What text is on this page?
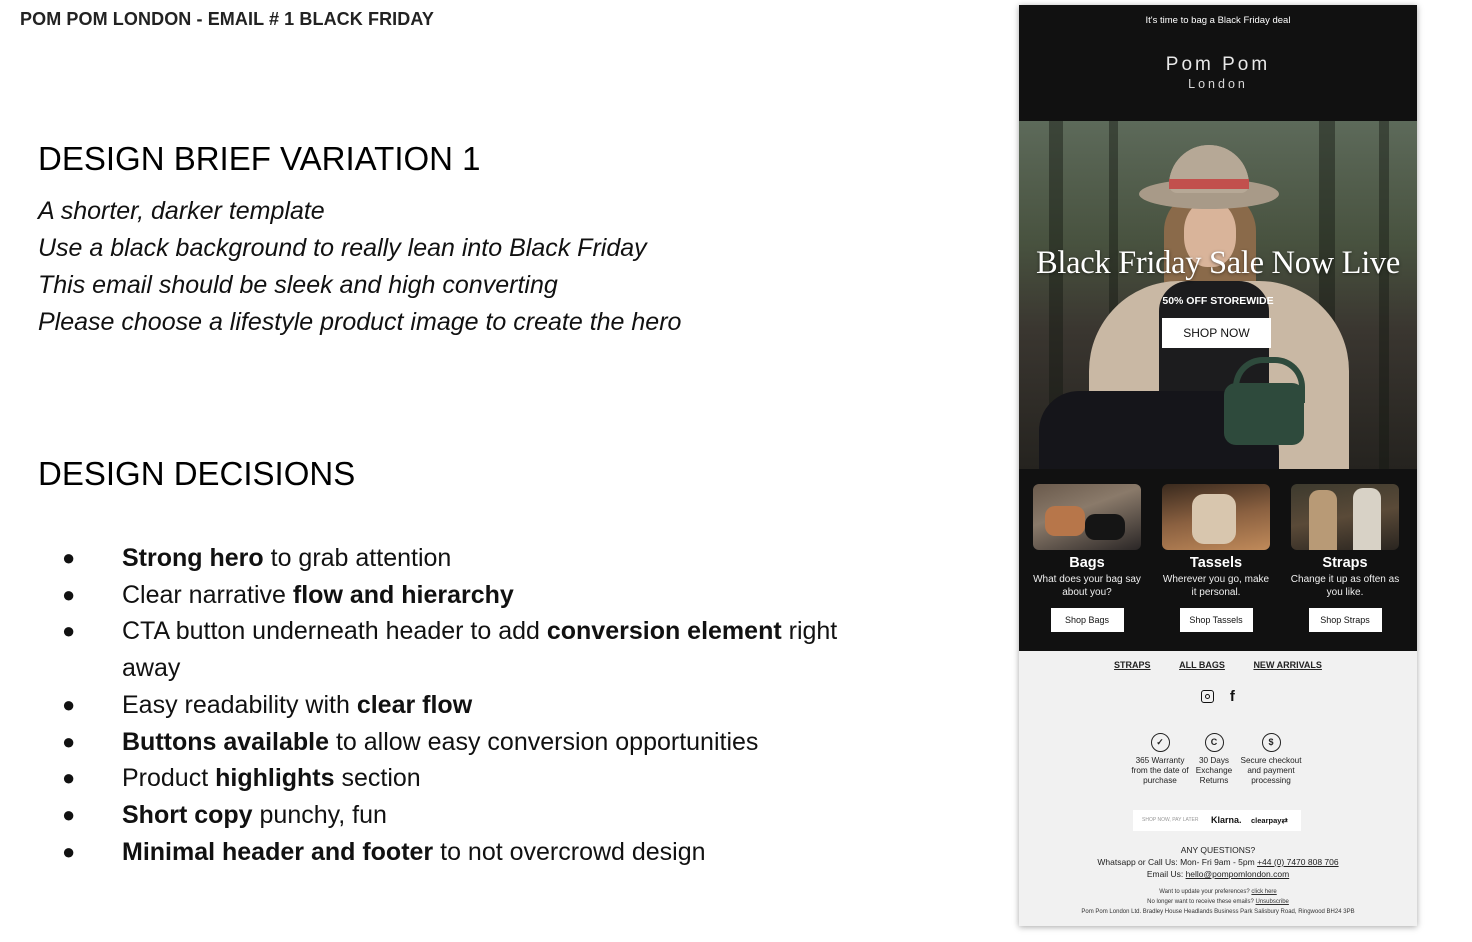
POM POM LONDON - EMAIL # 1 BLACK FRIDAY
DESIGN BRIEF VARIATION 1
A shorter, darker template
Use a black background to really lean into Black Friday
This email should be sleek and high converting
Please choose a lifestyle product image to create the hero
DESIGN DECISIONS
● Strong hero to grab attention
● Clear narrative flow and hierarchy
● CTA button underneath header to add conversion element right away
● Easy readability with clear flow
● Buttons available to allow easy conversion opportunities
● Product highlights section
● Short copy punchy, fun
● Minimal header and footer to not overcrowd design
It's time to bag a Black Friday deal
Pom Pom
London
Black Friday Sale Now Live
50% OFF STOREWIDE
SHOP NOW
Bags
What does your bag say about you?
Shop Bags
Tassels
Wherever you go, make it personal.
Shop Tassels
Straps
Change it up as often as you like.
Shop Straps
STRAPS	ALL BAGS	NEW ARRIVALS
f
✓
365 Warranty from the date of purchase
C
30 Days Exchange Returns
$
Secure checkout and payment processing
SHOP NOW, PAY LATER Klarna. clearpay⇄
ANY QUESTIONS?
Whatsapp or Call Us: Mon- Fri 9am - 5pm +44 (0) 7470 808 706
Email Us: hello@pompomlondon.com
Want to update your preferences? click here
No longer want to receive these emails? Unsubscribe
Pom Pom London Ltd. Bradley House Headlands Business Park Salisbury Road, Ringwood BH24 3PB
